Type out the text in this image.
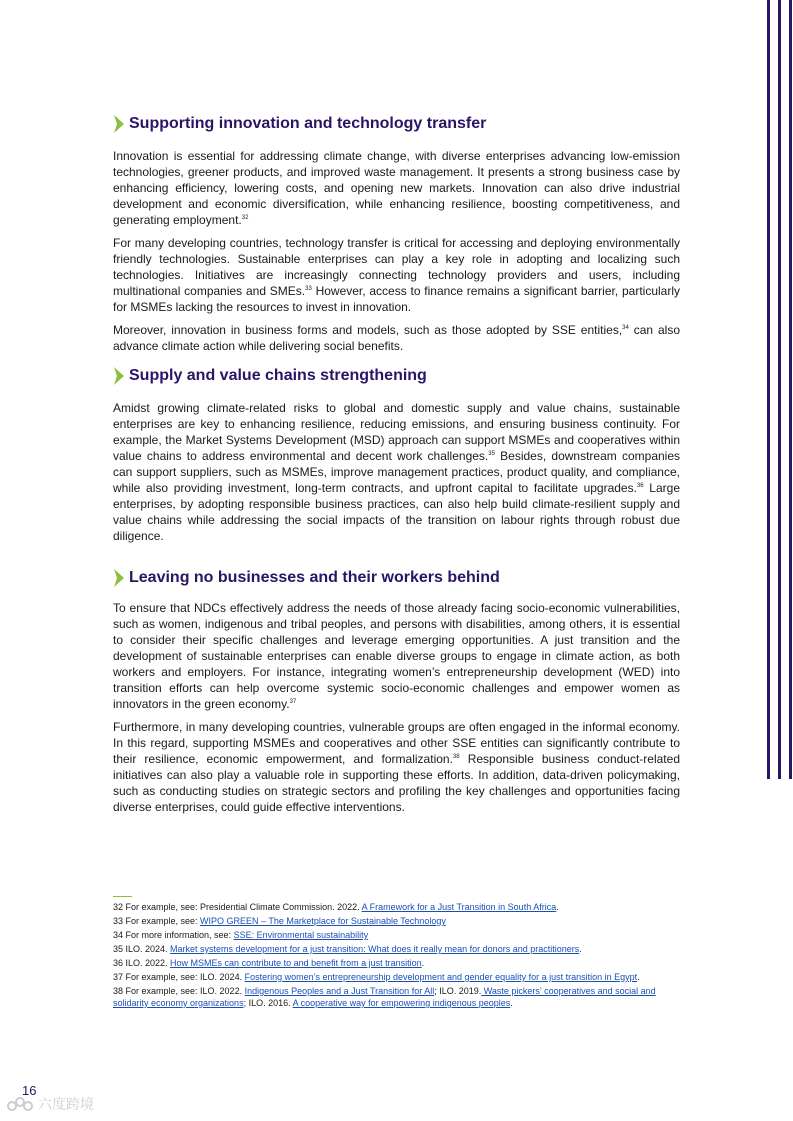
Supporting innovation and technology transfer

Innovation is essential for addressing climate change, with diverse enterprises advancing low-emission technologies, greener products, and improved waste management. It presents a strong business case by enhancing efficiency, lowering costs, and opening new markets. Innovation can also drive industrial development and economic diversification, while enhancing resilience, boosting competitiveness, and generating employment.$^{32}$

For many developing countries, technology transfer is critical for accessing and deploying environmentally friendly technologies. Sustainable enterprises can play a key role in adopting and localizing such technologies. Initiatives are increasingly connecting technology providers and users, including multinational companies and SMEs.$^{33}$ However, access to finance remains a significant barrier, particularly for MSMEs lacking the resources to invest in innovation.

Moreover, innovation in business forms and models, such as those adopted by SSE entities,$^{34}$ can also advance climate action while delivering social benefits.

Supply and value chains strengthening

Amidst growing climate-related risks to global and domestic supply and value chains, sustainable enterprises are key to enhancing resilience, reducing emissions, and ensuring business continuity. For example, the Market Systems Development (MSD) approach can support MSMEs and cooperatives within value chains to address environmental and decent work challenges.$^{35}$ Besides, downstream companies can support suppliers, such as MSMEs, improve management practices, product quality, and compliance, while also providing investment, long-term contracts, and upfront capital to facilitate upgrades.$^{36}$ Large enterprises, by adopting responsible business practices, can also help build climate-resilient supply and value chains while addressing the social impacts of the transition on labour rights through robust due diligence.

Leaving no businesses and their workers behind

To ensure that NDCs effectively address the needs of those already facing socio-economic vulnerabilities, such as women, indigenous and tribal peoples, and persons with disabilities, among others, it is essential to consider their specific challenges and leverage emerging opportunities. A just transition and the development of sustainable enterprises can enable diverse groups to engage in climate action, as both workers and employers. For instance, integrating women’s entrepreneurship development (WED) into transition efforts can help overcome systemic socio-economic challenges and empower women as innovators in the green economy.$^{37}$

Furthermore, in many developing countries, vulnerable groups are often engaged in the informal economy. In this regard, supporting MSMEs and cooperatives and other SSE entities can significantly contribute to their resilience, economic empowerment, and formalization.$^{38}$ Responsible business conduct-related initiatives can also play a valuable role in supporting these efforts. In addition, data-driven policymaking, such as conducting studies on strategic sectors and profiling the key challenges and opportunities facing diverse enterprises, could guide effective interventions.

32 For example, see: Presidential Climate Commission. 2022. A Framework for a Just Transition in South Africa.

33 For example, see: WIPO GREEN – The Marketplace for Sustainable Technology

34 For more information, see: SSE: Environmental sustainability

35 ILO. 2024. Market systems development for a just transition: What does it really mean for donors and practitioners.

36 ILO. 2022. How MSMEs can contribute to and benefit from a just transition.

37 For example, see: ILO. 2024. Fostering women’s entrepreneurship development and gender equality for a just transition in Egypt.

38 For example, see: ILO. 2022. Indigenous Peoples and a Just Transition for All; ILO. 2019. Waste pickers’ cooperatives and social and solidarity economy organizations; ILO. 2016. A cooperative way for empowering indigenous peoples.

16
六度跨境
